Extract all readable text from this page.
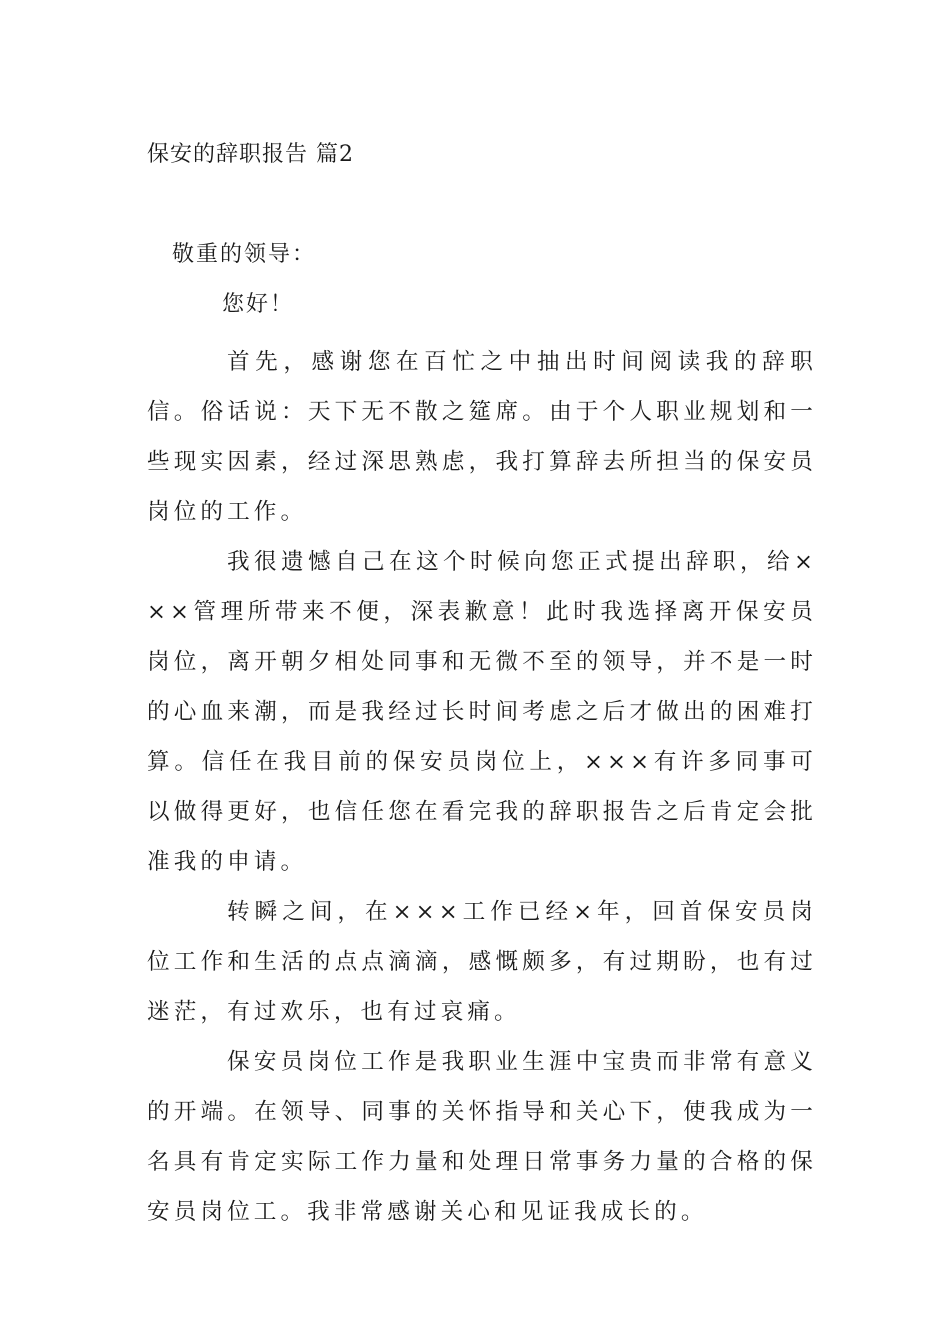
保安的辞职报告 篇2
敬重的领导：
您好！

首先，感谢您在百忙之中抽出时间阅读我的辞职信。俗话说：天下无不散之筵席。由于个人职业规划和一些现实因素，经过深思熟虑，我打算辞去所担当的保安员岗位的工作。

我很遗憾自己在这个时候向您正式提出辞职，给×××管理所带来不便，深表歉意！此时我选择离开保安员岗位，离开朝夕相处同事和无微不至的领导，并不是一时的心血来潮，而是我经过长时间考虑之后才做出的困难打算。信任在我目前的保安员岗位上，×××有许多同事可以做得更好，也信任您在看完我的辞职报告之后肯定会批准我的申请。

转瞬之间，在×××工作已经×年，回首保安员岗位工作和生活的点点滴滴，感慨颇多，有过期盼，也有过迷茫，有过欢乐，也有过哀痛。

保安员岗位工作是我职业生涯中宝贵而非常有意义的开端。在领导、同事的关怀指导和关心下，使我成为一名具有肯定实际工作力量和处理日常事务力量的合格的保安员岗位工。我非常感谢关心和见证我成长的。
